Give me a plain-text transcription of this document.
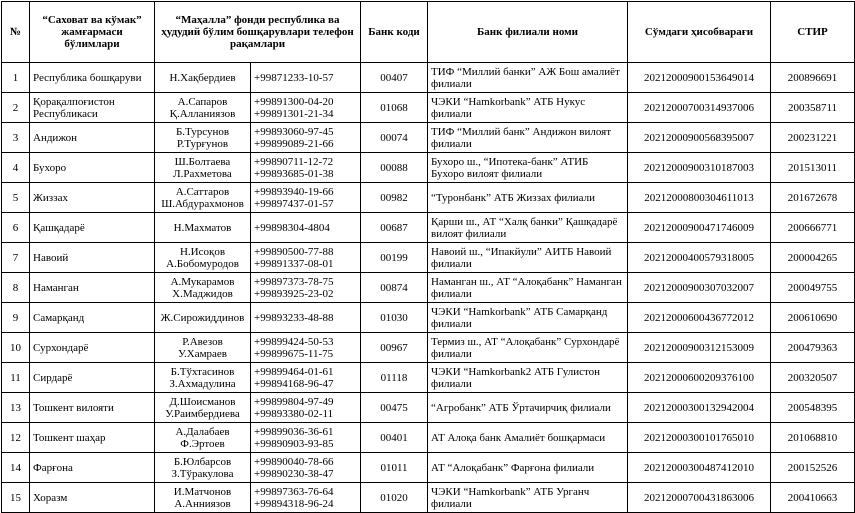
№	“Саховат ва кўмак” жамғармаси бўлимлари	“Маҳалла” фонди республика ва ҳудудий бўлим бошқарувлари телефон рақамлари		Банк коди	Банк филиали номи	Сўмдаги ҳисобварағи	СТИР
1	Республика бошқаруви	Н.Хақбердиев	+99871233-10-57	00407	ТИФ “Миллий банки” АЖ Бош амалиёт филиали	20212000900153649014	200896691
2	Қорақалпоғистон Республикаси	А.Сапаров
Қ.Алланиязов	+99891300-04-20
+99891301-21-34	01068	ЧЭКИ “Hamkorbank” АТБ Нукус филиали	20212000700314937006	200358711
3	Андижон	Б.Турсунов
Р.Турғунов	+99893060-97-45
+99899089-21-66	00074	ТИФ “Миллий банк” Андижон вилоят филиали	20212000900568395007	200231221
4	Бухоро	Ш.Болтаева
Л.Рахметова	+99890711-12-72
+99893685-01-38	00088	Бухоро ш., “Ипотека-банк” АТИБ Бухоро вилоят филиали	20212000900310187003	201513011
5	Жиззах	А.Саттаров
Ш.Абдурахмонов	+99893940-19-66
+99897437-01-57	00982	“Туронбанк” АТБ Жиззах филиали	20212000800304611013	201672678
6	Қашқадарё	Н.Махматов	+99898304-4804	00687	Қарши ш., АТ “Халқ банки” Қашқадарё вилоят филиали	20212000900471746009	200666771
7	Навоий	Н.Исоқов
А.Бобомуродов	+99890500-77-88
+99891337-08-01	00199	Навоий ш., “Ипакйули” АИТБ Навоий филиали	20212000400579318005	200004265
8	Наманган	А.Мукарамов
Х.Маджидов	+99897373-78-75
+99893925-23-02	00874	Наманган ш., АТ “Алоқабанк” Наманган филиали	20212000900307032007	200049755
9	Самарқанд	Ж.Сирожиддинов	+99893233-48-88	01030	ЧЭКИ “Hamkorbank” АТБ Самарқанд филиали	20212000600436772012	200610690
10	Сурхондарё	Р.Авезов
У.Хамраев	+99899424-50-53
+99899675-11-75	00967	Термиз ш., АТ “Алоқабанк” Сурхондарё филиали	20212000900312153009	200479363
11	Сирдарё	Б.Тўхтасинов
З.Ахмадулина	+99899464-01-61
+99894168-96-47	01118	ЧЭКИ “Hamkorbank2 АТБ Гулистон филиали	20212000600209376100	200320507
13	Тошкент вилояти	Д.Шоисманов
У.Раимбердиева	+99899804-97-49
+99893380-02-11	00475	“Агробанк” АТБ Ўртачирчиқ филиали	20212000300132942004	200548395
12	Тошкент шаҳар	А.Далабаев
Ф.Эртоев	+99899036-36-61
+99890903-93-85	00401	АТ Алоқа банк Амалиёт бошқармаси	20212000300101765010	201068810
14	Фарғона	Б.Юлбарсов
З.Тўракулова	+99890040-78-66
+99890230-38-47	01011	АТ “Алоқабанк” Фарғона филиали	20212000300487412010	200152526
15	Хоразм	И.Матчонов
А.Анниязов	+99897363-76-64
+99894318-96-24	01020	ЧЭКИ “Hamkorbank” АТБ Урганч филиали	20212000700431863006	200410663
